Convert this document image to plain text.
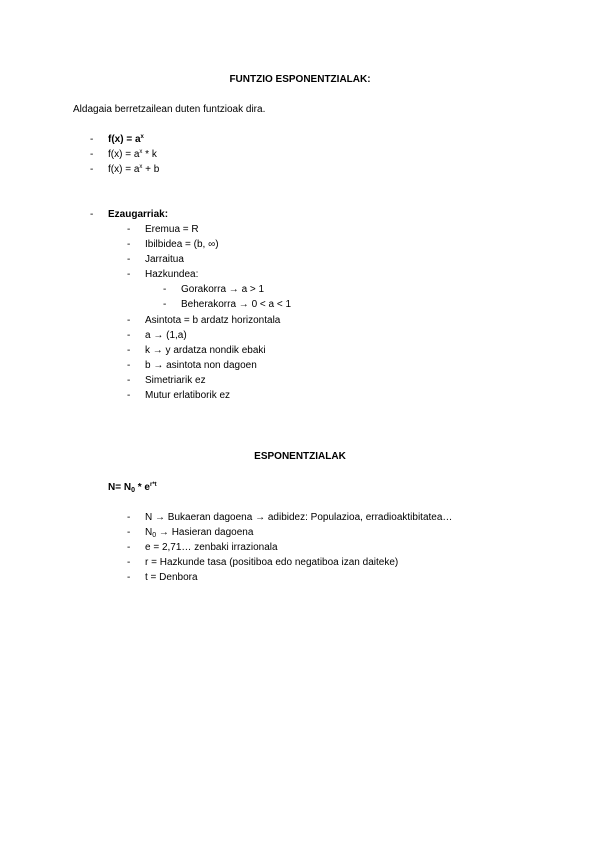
FUNTZIO ESPONENTZIALAK:
Aldagaia berretzailean duten funtzioak dira.
- $f(x) = a^x$
- $f(x) = a^x * k$
- $f(x) = a^x + b$
- Ezaugarriak:
- Eremua = R
- Ibilbidea = (b, ∞)
- Jarraitua
- Hazkundea:
- Gorakorra → a > 1
- Beherakorra → 0 < a < 1
- Asintota = b ardatz horizontala
- a → (1,a)
- k → y ardatza nondik ebaki
- b → asintota non dagoen
- Simetriarik ez
- Mutur erlatiborik ez
ESPONENTZIALAK
$N= N_0 * e^{r*t}$
- N → Bukaeran dagoena → adibidez: Populazioa, erradioaktibitatea…
- $N_0$ → Hasieran dagoena
- e = 2,71… zenbaki irrazionala
- r = Hazkunde tasa (positiboa edo negatiboa izan daiteke)
- t = Denbora
